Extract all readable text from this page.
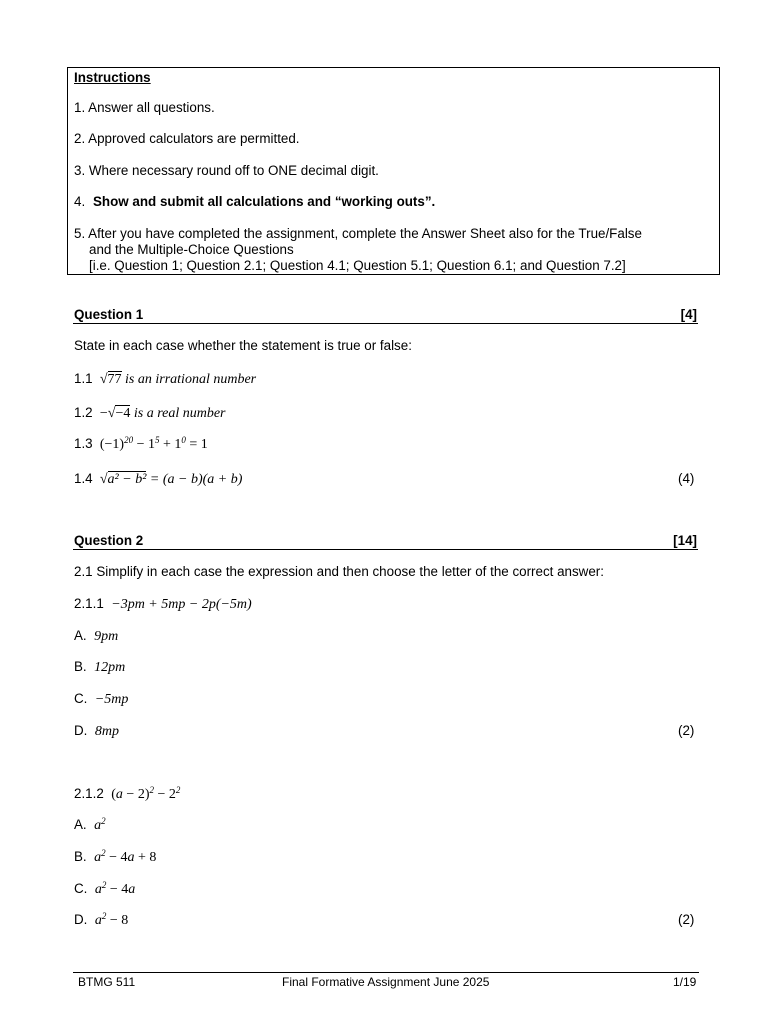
Instructions
1. Answer all questions.
2. Approved calculators are permitted.
3. Where necessary round off to ONE decimal digit.
4. Show and submit all calculations and “working outs”.
5. After you have completed the assignment, complete the Answer Sheet also for the True/False
and the Multiple-Choice Questions
[i.e. Question 1; Question 2.1; Question 4.1; Question 5.1; Question 6.1; and Question 7.2]
Question 1	[4]
State in each case whether the statement is true or false:
1.1  √77 is an irrational number
1.2 −√−4 is a real number
1.3 $(-1)^{20} - 1^5 + 1^0 = 1$
1.4  √a² − b² = (a − b)(a + b)	(4)
Question 2	[14]
2.1 Simplify in each case the expression and then choose the letter of the correct answer:
2.1.1 −3pm + 5mp − 2p(−5m)
A. 9pm
B. 12pm
C. −5mp
D. 8mp	(2)
2.1.2 $(a - 2)^2 - 2^2$
A. $a^2$
B. $a^2 - 4a + 8$
C. $a^2 - 4a$
D. $a^2 - 8$	(2)
BTMG 511	Final Formative Assignment June 2025	1/19
